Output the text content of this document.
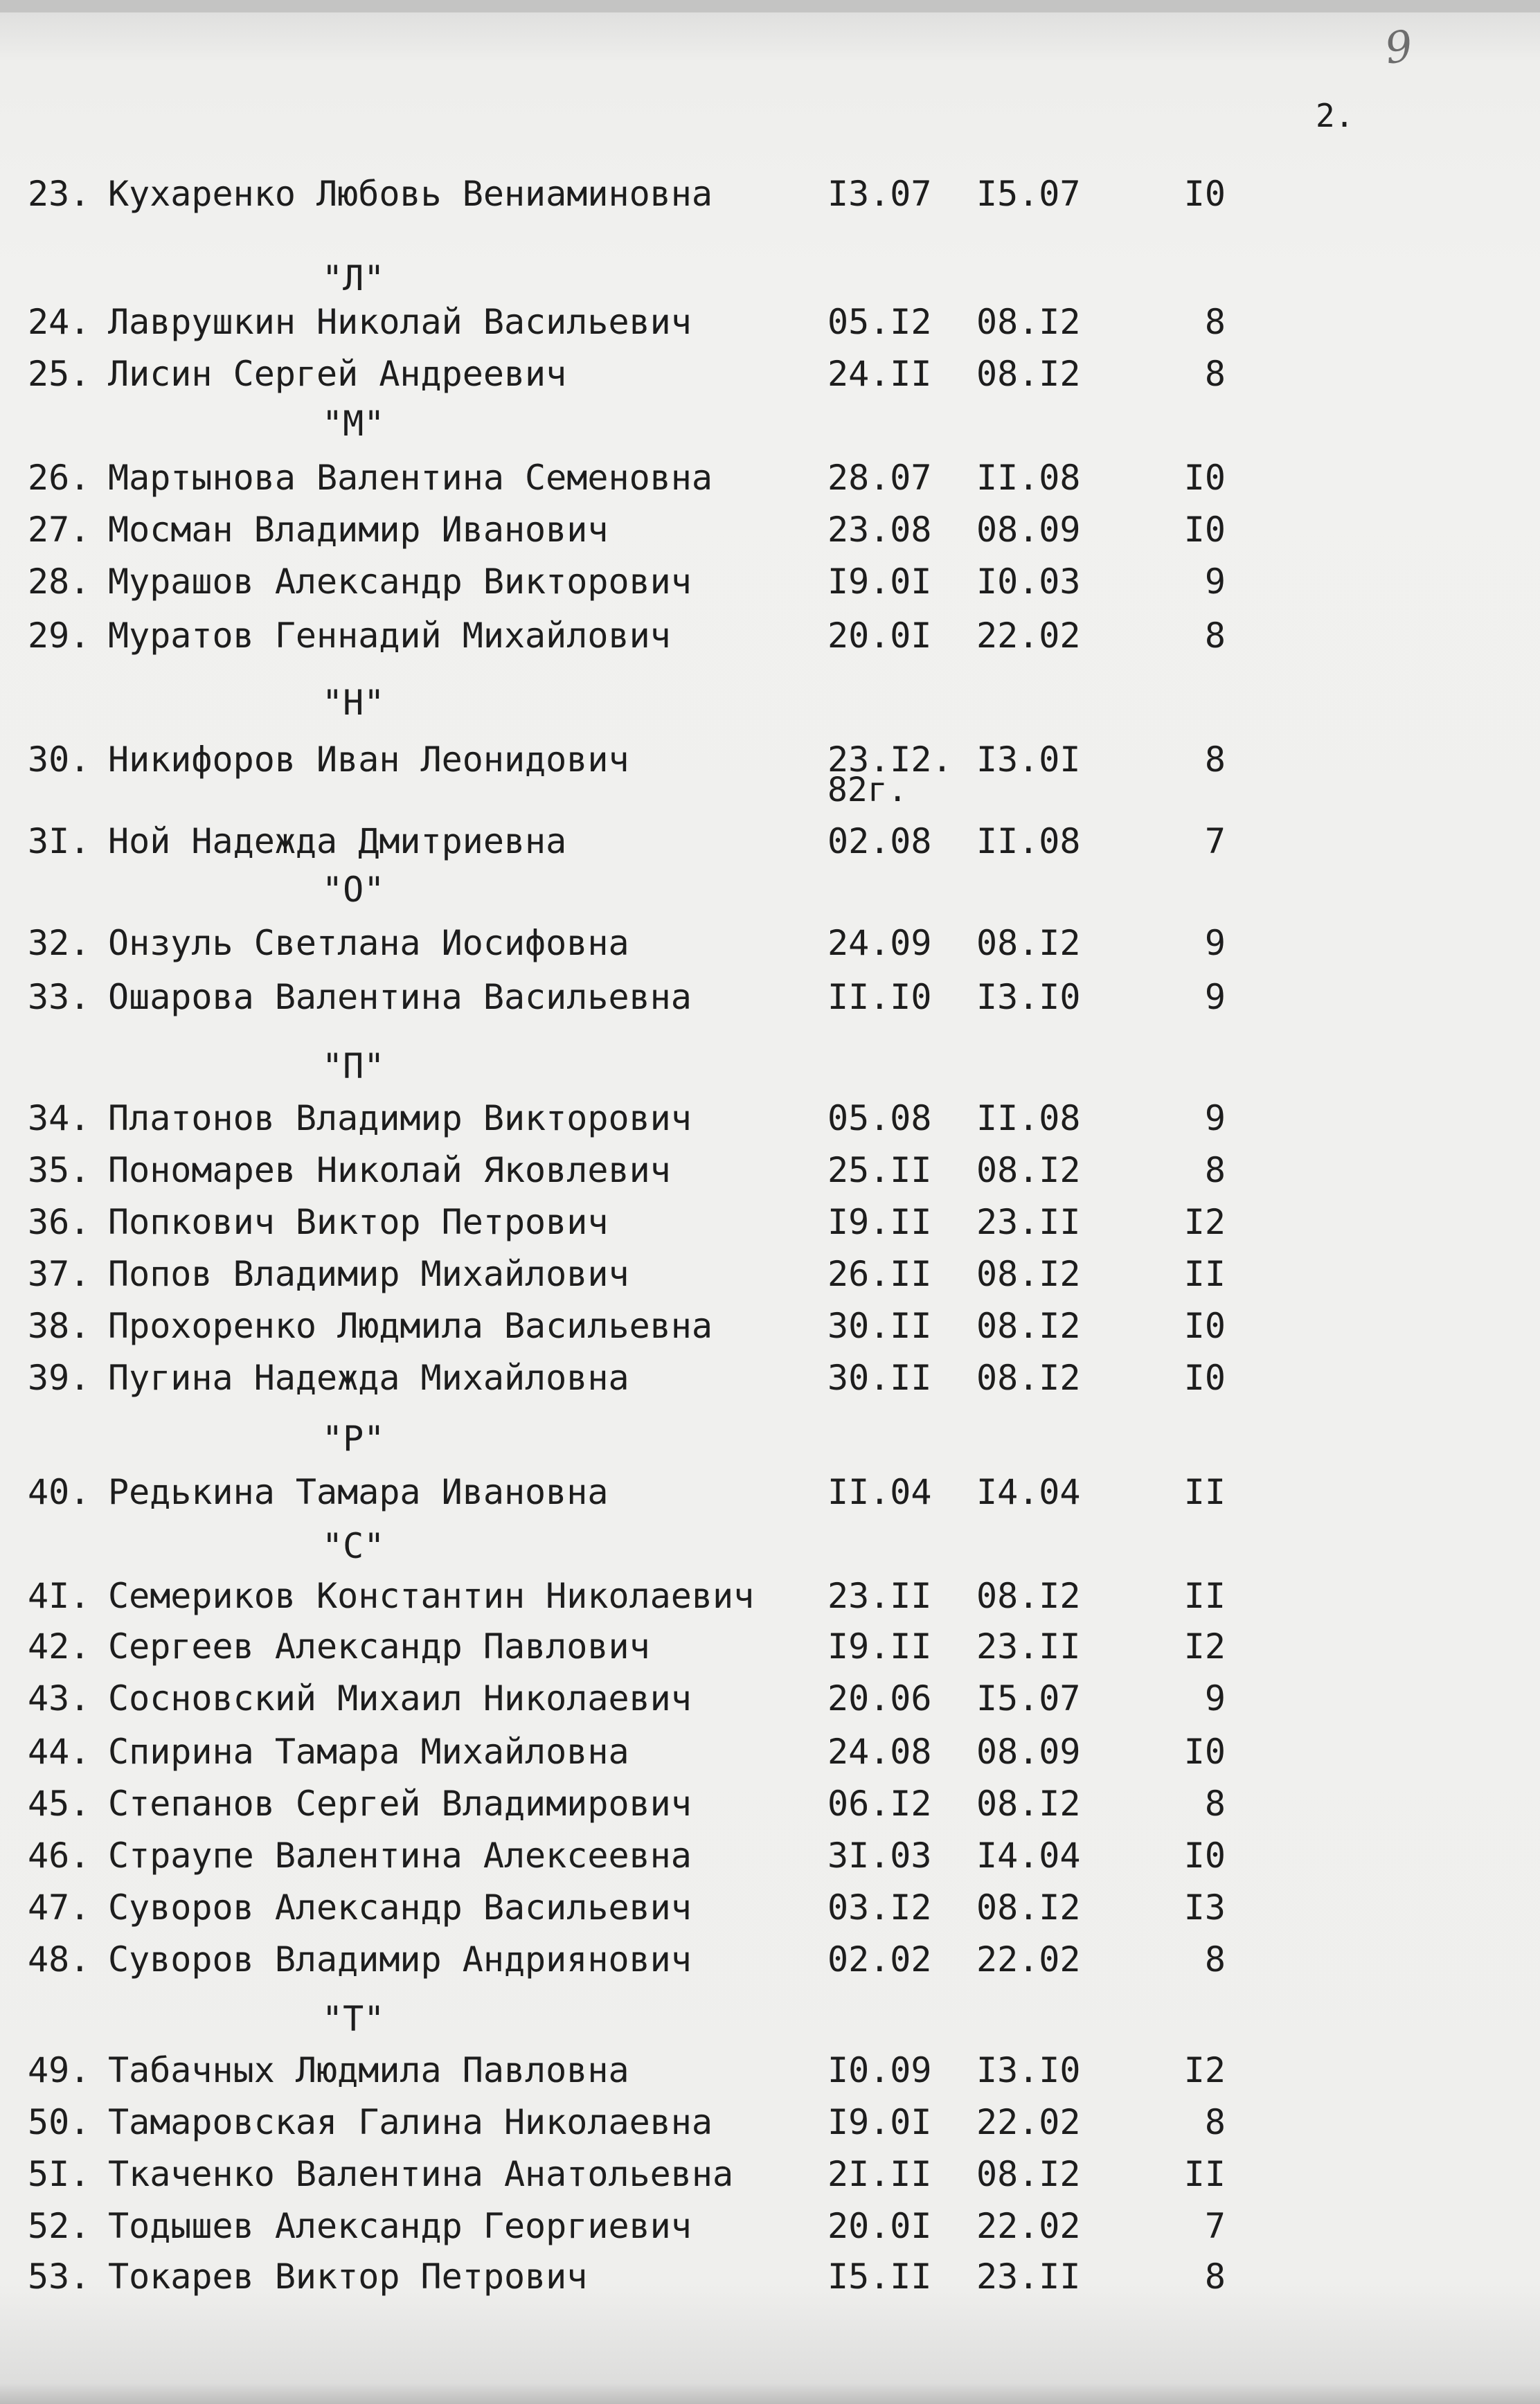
9
2.
23. Кухаренко Любовь Вениаминовна	I3.07 I5.07	I0
"Л"
24. Лаврушкин Николай Васильевич	05.I2 08.I2	8
25. Лисин Сергей Андреевич	24.II 08.I2	8
"М"
26. Мартынова Валентина Семеновна	28.07 II.08	I0
27. Мосман Владимир Иванович	23.08 08.09	I0
28. Мурашов Александр Викторович	I9.0I I0.03	9
29. Муратов Геннадий Михайлович	20.0I 22.02	8
"Н"
30. Никифоров Иван Леонидович	23.I2. I3.0I	8
82г.
3I. Ной Надежда Дмитриевна	02.08 II.08	7
"О"
32. Онзуль Светлана Иосифовна	24.09 08.I2	9
33. Ошарова Валентина Васильевна	II.I0 I3.I0	9
"П"
34. Платонов Владимир Викторович	05.08 II.08	9
35. Пономарев Николай Яковлевич	25.II 08.I2	8
36. Попкович Виктор Петрович	I9.II 23.II	I2
37. Попов Владимир Михайлович	26.II 08.I2	II
38. Прохоренко Людмила Васильевна	30.II 08.I2	I0
39. Пугина Надежда Михайловна	30.II 08.I2	I0
"Р"
40. Редькина Тамара Ивановна	II.04 I4.04	II
"С"
4I. Семериков Константин Николаевич 23.II 08.I2	II
42. Сергеев Александр Павлович	I9.II 23.II	I2
43. Сосновский Михаил Николаевич	20.06 I5.07	9
44. Спирина Тамара Михайловна	24.08 08.09	I0
45. Степанов Сергей Владимирович	06.I2 08.I2	8
46. Страупе Валентина Алексеевна	3I.03 I4.04	I0
47. Суворов Александр Васильевич	03.I2 08.I2	I3
48. Суворов Владимир Андриянович	02.02 22.02	8
"Т"
49. Табачных Людмила Павловна	I0.09 I3.I0	I2
50. Тамаровская Галина Николаевна	I9.0I 22.02	8
5I. Ткаченко Валентина Анатольевна	2I.II 08.I2	II
52. Тодышев Александр Георгиевич	20.0I 22.02	7
53. Токарев Виктор Петрович	I5.II 23.II	8
